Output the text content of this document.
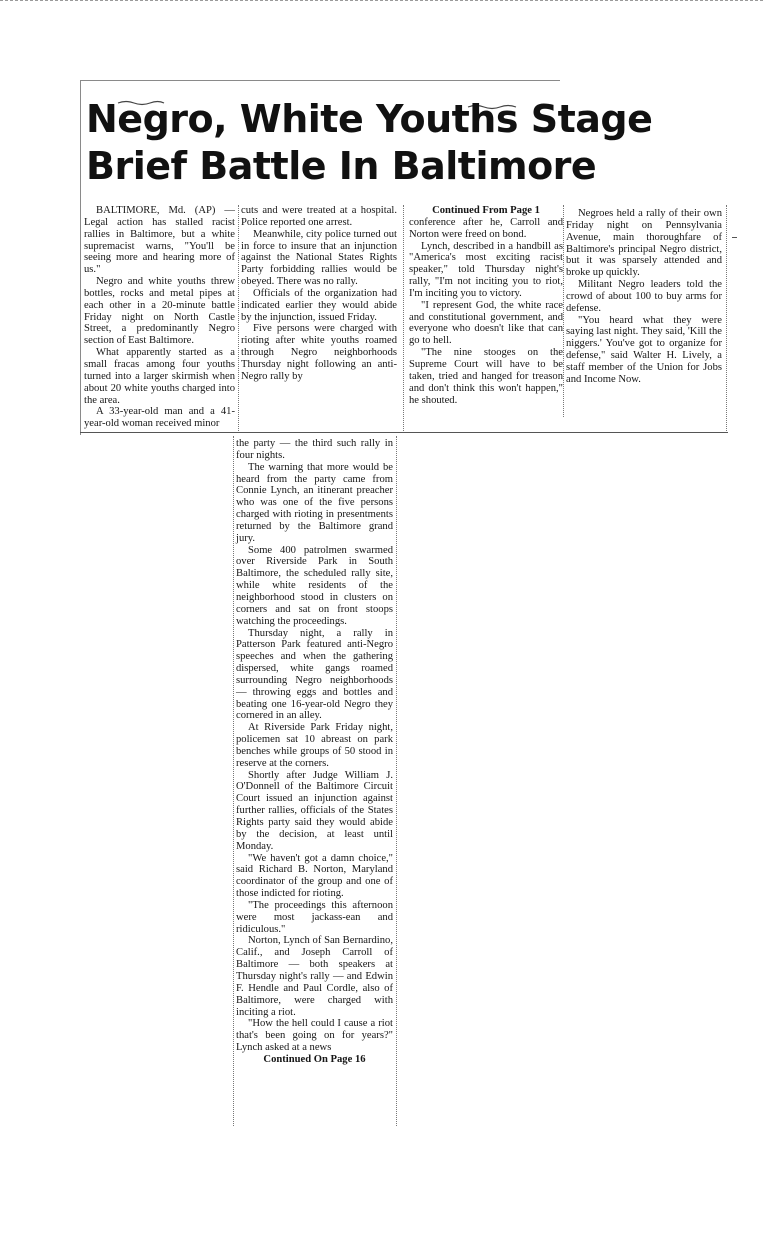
Negro, White Youths Stage
Brief Battle In Baltimore

BALTIMORE, Md. (AP) — Legal action has stalled racist rallies in Baltimore, but a white supremacist warns, "You'll be seeing more and hearing more of us."

Negro and white youths threw bottles, rocks and metal pipes at each other in a 20-minute battle Friday night on North Castle Street, a predominantly Negro section of East Baltimore.

What apparently started as a small fracas among four youths turned into a larger skirmish when about 20 white youths charged into the area.

A 33-year-old man and a 41-year-old woman received minor

cuts and were treated at a hospital. Police reported one arrest.

Meanwhile, city police turned out in force to insure that an injunction against the National States Rights Party forbidding rallies would be obeyed. There was no rally.

Officials of the organization had indicated earlier they would abide by the injunction, issued Friday.

Five persons were charged with rioting after white youths roamed through Negro neighborhoods Thursday night following an anti-Negro rally by

Continued From Page 1

conference after he, Carroll and Norton were freed on bond.

Lynch, described in a handbill as "America's most exciting racist speaker," told Thursday night's rally, "I'm not inciting you to riot, I'm inciting you to victory.

"I represent God, the white race and constitutional government, and everyone who doesn't like that can go to hell.

"The nine stooges on the Supreme Court will have to be taken, tried and hanged for treason and don't think this won't happen," he shouted.

Negroes held a rally of their own Friday night on Pennsylvania Avenue, main thoroughfare of Baltimore's principal Negro district, but it was sparsely attended and broke up quickly.

Militant Negro leaders told the crowd of about 100 to buy arms for defense.

"You heard what they were saying last night. They said, 'Kill the niggers.' You've got to organize for defense," said Walter H. Lively, a staff member of the Union for Jobs and Income Now.

the party — the third such rally in four nights.

The warning that more would be heard from the party came from Connie Lynch, an itinerant preacher who was one of the five persons charged with rioting in presentments returned by the Baltimore grand jury.

Some 400 patrolmen swarmed over Riverside Park in South Baltimore, the scheduled rally site, while white residents of the neighborhood stood in clusters on corners and sat on front stoops watching the proceedings.

Thursday night, a rally in Patterson Park featured anti-Negro speeches and when the gathering dispersed, white gangs roamed surrounding Negro neighborhoods — throwing eggs and bottles and beating one 16-year-old Negro they cornered in an alley.

At Riverside Park Friday night, policemen sat 10 abreast on park benches while groups of 50 stood in reserve at the corners.

Shortly after Judge William J. O'Donnell of the Baltimore Circuit Court issued an injunction against further rallies, officials of the States Rights party said they would abide by the decision, at least until Monday.

"We haven't got a damn choice," said Richard B. Norton, Maryland coordinator of the group and one of those indicted for rioting.

"The proceedings this afternoon were most jackass-ean and ridiculous."

Norton, Lynch of San Bernardino, Calif., and Joseph Carroll of Baltimore — both speakers at Thursday night's rally — and Edwin F. Hendle and Paul Cordle, also of Baltimore, were charged with inciting a riot.

"How the hell could I cause a riot that's been going on for years?" Lynch asked at a news

Continued On Page 16
